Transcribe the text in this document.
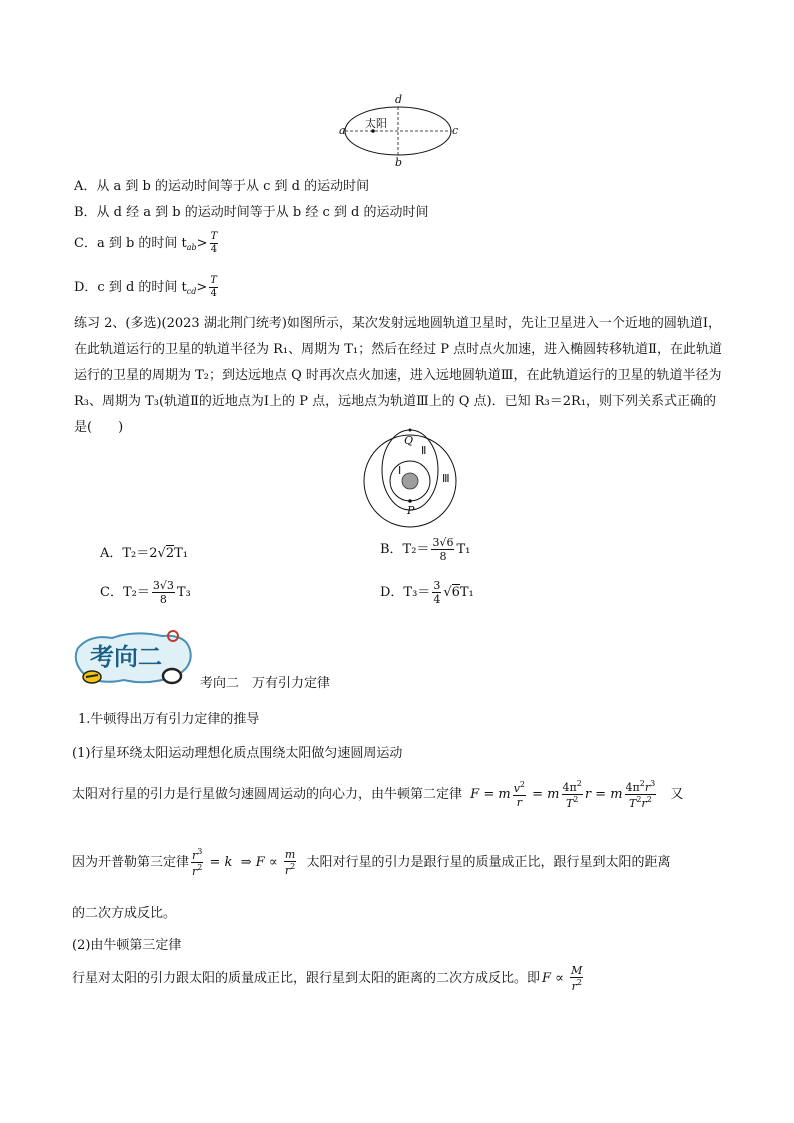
d
a	c
b
太阳
A．从 a 到 b 的运动时间等于从 c 到 d 的运动时间
B．从 d 经 a 到 b 的运动时间等于从 b 经 c 到 d 的运动时间
C．a 到 b 的时间 $t_{ab}> \frac{T}{4}$
D．c 到 d 的时间 $t_{cd}> \frac{T}{4}$
练习 2、(多选)(2023 湖北荆门统考)如图所示，某次发射远地圆轨道卫星时，先让卫星进入一个近地的圆轨道Ⅰ，在此轨道运行的卫星的轨道半径为 R₁、周期为 T₁；然后在经过 P 点时点火加速，进入椭圆转移轨道Ⅱ，在此轨道运行的卫星的周期为 T₂；到达远地点 Q 时再次点火加速，进入远地圆轨道Ⅲ，在此轨道运行的卫星的轨道半径为 R₃、周期为 T₃(轨道Ⅱ的近地点为Ⅰ上的 P 点，远地点为轨道Ⅲ上的 Q 点)．已知 R₃＝2R₁，则下列关系式正确的是(　　)
Q
P
Ⅰ
Ⅱ
Ⅲ
A．T₂＝2√2T₁	B．$T_2= \frac{3√6}{8} T_1$
C．$T_2= \frac{3√3}{8} T_3$	D．$T_3= \frac{3}{4} √6T_1$
考向二
考向二　万有引力定律
1.牛顿得出万有引力定律的推导
(1)行星环绕太阳运动理想化质点围绕太阳做匀速圆周运动
太阳对行星的引力是行星做匀速圆周运动的向心力，由牛顿第二定律 F = m $\frac{v^2}{r} = m \frac{4\pi^2}{T^2}$ r = m $\frac{4\pi^2r^3}{T^2r^2}$ 又
因为开普勒第三定律 $\frac{r^3}{r^2} = k$  ⇒ $F \propto \frac{m}{r^2}$ 太阳对行星的引力是跟行星的质量成正比，跟行星到太阳的距离
的二次方成反比。
(2)由牛顿第三定律
行星对太阳的引力跟太阳的质量成正比，跟行星到太阳的距离的二次方成反比。即 $F \propto \frac{M}{r^2}$
